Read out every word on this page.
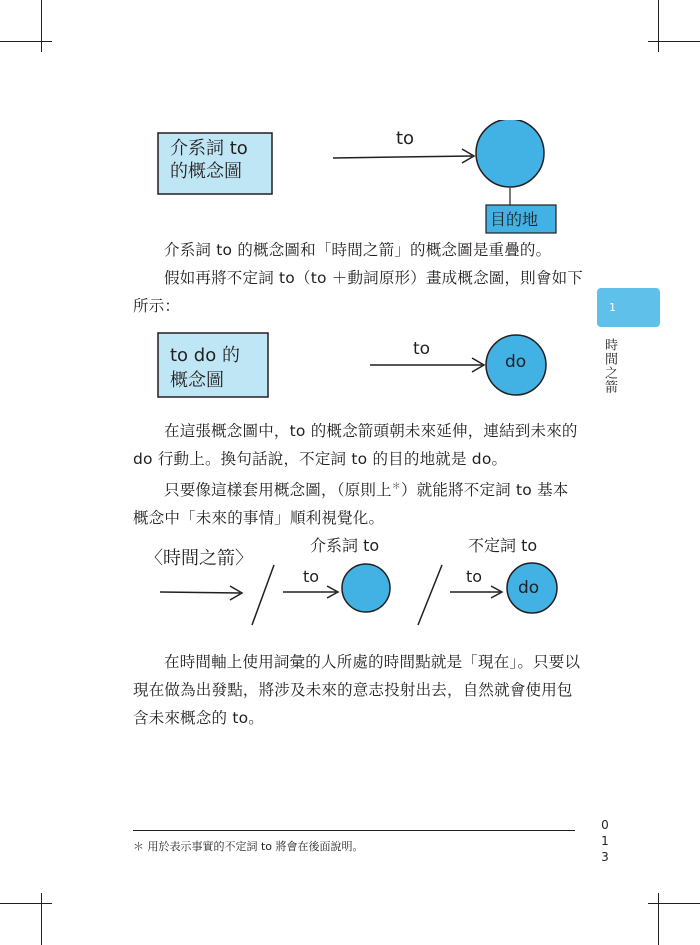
介系詞 to
的概念圖
to
目的地

介系詞 to 的概念圖和「時間之箭」的概念圖是重疊的。

假如再將不定詞 to（to ＋動詞原形）畫成概念圖，則會如下所示：

to do 的
概念圖
to
do

在這張概念圖中，to 的概念箭頭朝未來延伸，連結到未來的 do 行動上。換句話說，不定詞 to 的目的地就是 do。

只要像這樣套用概念圖，（原則上＊）就能將不定詞 to 基本概念中「未來的事情」順利視覺化。

〈時間之箭〉
介系詞 to
to
不定詞 to
to
do

在時間軸上使用詞彙的人所處的時間點就是「現在」。只要以現在做為出發點，將涉及未來的意志投射出去，自然就會使用包含未來概念的 to。

1
時間之箭
＊ 用於表示事實的不定詞 to 將會在後面說明。	013
